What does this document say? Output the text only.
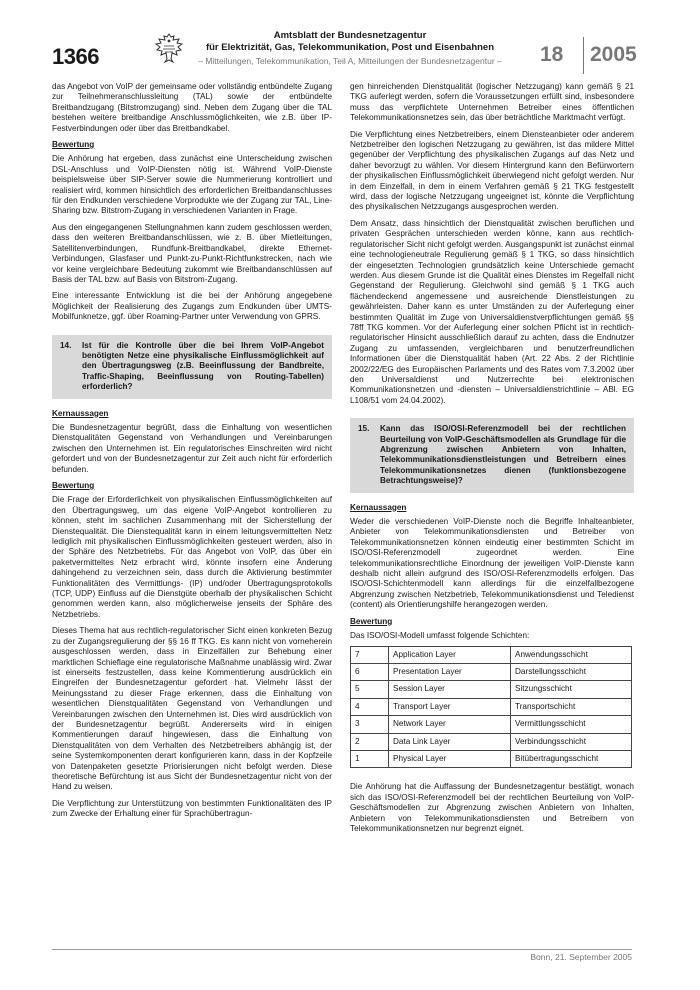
1366
Amtsblatt der Bundesnetzagentur
für Elektrizität, Gas, Telekommunikation, Post und Eisenbahnen
– Mitteilungen, Telekommunikation, Teil A, Mitteilungen der Bundesnetzagentur –	18 2005

das Angebot von VoIP der gemeinsame oder vollständig entbündelte Zugang zur Teilnehmeranschlussleitung (TAL) sowie der entbündelte Breitbandzugang (Bitstromzugang) sind. Neben dem Zugang über die TAL bestehen weitere breitbandige Anschlussmöglichkeiten, wie z.B. über IP-Festverbindungen oder über das Breitbandkabel.

Bewertung

Die Anhörung hat ergeben, dass zunächst eine Unterscheidung zwischen DSL-Anschluss und VoIP-Diensten nötig ist. Während VoIP-Dienste beispielsweise über SIP-Server sowie die Nummerierung kontrolliert und realisiert wird, kommen hinsichtlich des erforderlichen Breitbandanschlusses für den Endkunden verschiedene Vorprodukte wie der Zugang zur TAL, Line-Sharing bzw. Bitstrom-Zugang in verschiedenen Varianten in Frage.

Aus den eingegangenen Stellungnahmen kann zudem geschlossen werden, dass den weiteren Breitbandanschlüssen, wie z. B. über Mietleitungen, Satellitenverbindungen, Rundfunk-Breitbandkabel, direkte Ethernet-Verbindungen, Glasfaser und Punkt-zu-Punkt-Richtfunkstrecken, nach wie vor keine vergleichbare Bedeutung zukommt wie Breitbandanschlüssen auf Basis der TAL bzw. auf Basis von Bitstrom-Zugang.

Eine interessante Entwicklung ist die bei der Anhörung angegebene Möglichkeit der Realisierung des Zugangs zum Endkunden über UMTS-Mobilfunknetze, ggf. über Roaming-Partner unter Verwendung von GPRS.

14.	Ist für die Kontrolle über die bei Ihrem VoIP-Angebot benötigten Netze eine physikalische Einflussmöglichkeit auf den Übertragungsweg (z.B. Beeinflussung der Bandbreite, Traffic-Shaping, Beeinflussung von Routing-Tabellen) erforderlich?
Kernaussagen

Die Bundesnetzagentur begrüßt, dass die Einhaltung von wesentlichen Dienstqualitäten Gegenstand von Verhandlungen und Vereinbarungen zwischen den Unternehmen ist. Ein regulatorisches Einschreiten wird nicht gefordert und von der Bundesnetzagentur zur Zeit auch nicht für erforderlich befunden.

Bewertung

Die Frage der Erforderlichkeit von physikalischen Einflussmöglichkeiten auf den Übertragungsweg, um das eigene VoIP-Angebot kontrollieren zu können, steht im sachlichen Zusammenhang mit der Sicherstellung der Dienstequalität. Die Dienstequalität kann in einem leitungsvermittelten Netz lediglich mit physikalischen Einflussmöglichkeiten gesteuert werden, also in der Sphäre des Netzbetriebs. Für das Angebot von VoIP, das über ein paketvermitteltes Netz erbracht wird, könnte insofern eine Änderung dahingehend zu verzeichnen sein, dass durch die Aktivierung bestimmter Funktionalitäten des Vermittlungs- (IP) und/oder Übertragungsprotokolls (TCP, UDP) Einfluss auf die Dienstgüte oberhalb der physikalischen Schicht genommen werden kann, also möglicherweise jenseits der Sphäre des Netzbetriebs.

Dieses Thema hat aus rechtlich-regulatorischer Sicht einen konkreten Bezug zu der Zugangsregulierung der §§ 16 ff TKG. Es kann nicht von vorneherein ausgeschlossen werden, dass in Einzelfällen zur Behebung einer marktlichen Schieflage eine regulatorische Maßnahme unablässig wird. Zwar ist einerseits festzustellen, dass keine Kommentierung ausdrücklich ein Eingreifen der Bundesnetzagentur gefordert hat. Vielmehr lässt der Meinungsstand zu dieser Frage erkennen, dass die Einhaltung von wesentlichen Dienstqualitäten Gegenstand von Verhandlungen und Vereinbarungen zwischen den Unternehmen ist. Dies wird ausdrücklich von der Bundesnetzagentur begrüßt. Andererseits wird in einigen Kommentierungen darauf hingewiesen, dass die Einhaltung von Dienstqualitäten von dem Verhalten des Netzbetreibers abhängig ist, der seine Systemkomponenten derart konfigurieren kann, dass in der Kopfzeile von Datenpaketen gesetzte Priorisierungen nicht befolgt werden. Diese theoretische Befürchtung ist aus Sicht der Bundesnetzagentur nicht von der Hand zu weisen.

Die Verpflichtung zur Unterstützung von bestimmten Funktionalitäten des IP zum Zwecke der Erhaltung einer für Sprachübertragun-

gen hinreichenden Dienstqualität (logischer Netzzugang) kann gemäß § 21 TKG auferlegt werden, sofern die Voraussetzungen erfüllt sind, insbesondere muss das verpflichtete Unternehmen Betreiber eines öffentlichen Telekommunikationsnetzes sein, das über beträchtliche Marktmacht verfügt.

Die Verpflichtung eines Netzbetreibers, einem Diensteanbieter oder anderem Netzbetreiber den logischen Netzzugang zu gewähren, ist das mildere Mittel gegenüber der Verpflichtung des physikalischen Zugangs auf das Netz und daher bevorzugt zu wählen. Vor diesem Hintergrund kann den Befürwortern der physikalischen Einflussmöglichkeit überwiegend nicht gefolgt werden. Nur in dem Einzelfall, in dem in einem Verfahren gemäß § 21 TKG festgestellt wird, dass der logische Netzzugang ungeeignet ist, könnte die Verpflichtung des physikalischen Netzzugangs ausgesprochen werden.

Dem Ansatz, dass hinsichtlich der Dienstqualität zwischen beruflichen und privaten Gesprächen unterschieden werden könne, kann aus rechtlich-regulatorischer Sicht nicht gefolgt werden. Ausgangspunkt ist zunächst einmal eine technologieneutrale Regulierung gemäß § 1 TKG, so dass hinsichtlich der eingesetzten Technologien grundsätzlich keine Unterschiede gemacht werden. Aus diesem Grunde ist die Qualität eines Dienstes im Regelfall nicht Gegenstand der Regulierung. Gleichwohl sind gemäß § 1 TKG auch flächendeckend angemessene und ausreichende Dienstleistungen zu gewährleisten. Daher kann es unter Umständen zu der Auferlegung einer bestimmten Qualität im Zuge von Universaldienstverpflichtungen gemäß §§ 78ff TKG kommen. Vor der Auferlegung einer solchen Pflicht ist in rechtlich-regulatorischer Hinsicht ausschließlich darauf zu achten, dass die Endnutzer Zugang zu umfassenden, vergleichbaren und benutzerfreundlichen Informationen über die Dienstqualität haben (Art. 22 Abs. 2 der Richtlinie 2002/22/EG des Europäischen Parlaments und des Rates vom 7.3.2002 über den Universaldienst und Nutzerrechte bei elektronischen Kommunikationsnetzen und -diensten – Universaldienstrichtlinie – ABl. EG L108/51 vom 24.04.2002).

15.	Kann das ISO/OSI-Referenzmodell bei der rechtlichen Beurteilung von VoIP-Geschäftsmodellen als Grundlage für die Abgrenzung zwischen Anbietern von Inhalten, Telekommunikationsdienstleistungen und Betreibern eines Telekommunikationsnetzes dienen (funktionsbezogene Betrachtungsweise)?
Kernaussagen

Weder die verschiedenen VoIP-Dienste noch die Begriffe Inhalteanbieter, Anbieter von Telekommunikationsdiensten und Betreiber von Telekommunikationsnetzen können eindeutig einer bestimmten Schicht im ISO/OSI-Referenzmodell zugeordnet werden. Eine telekommunikationsrechtliche Einordnung der jeweiligen VoIP-Dienste kann deshalb nicht allein aufgrund des ISO/OSI-Referenzmodells erfolgen. Das ISO/OSI-Schichtenmodell kann allerdings für die einzelfallbezogene Abgrenzung zwischen Netzbetrieb, Telekommunikationsdienst und Teledienst (content) als Orientierungshilfe herangezogen werden.

Bewertung

Das ISO/OSI-Modell umfasst folgende Schichten:

7	Application Layer	Anwendungsschicht
6	Presentation Layer	Darstellungsschicht
5	Session Layer	Sitzungsschicht
4	Transport Layer	Transportschicht
3	Network Layer	Vermittlungsschicht
2	Data Link Layer	Verbindungsschicht
1	Physical Layer	Bitübertragungsschicht

Die Anhörung hat die Auffassung der Bundesnetzagentur bestätigt, wonach sich das ISO/OSI-Referenzmodell bei der rechtlichen Beurteilung von VoIP-Geschäftsmodellen zur Abgrenzung zwischen Anbietern von Inhalten, Anbietern von Telekommunikationsdiensten und Betreibern von Telekommunikationsnetzen nur begrenzt eignet.

Bonn, 21. September 2005
